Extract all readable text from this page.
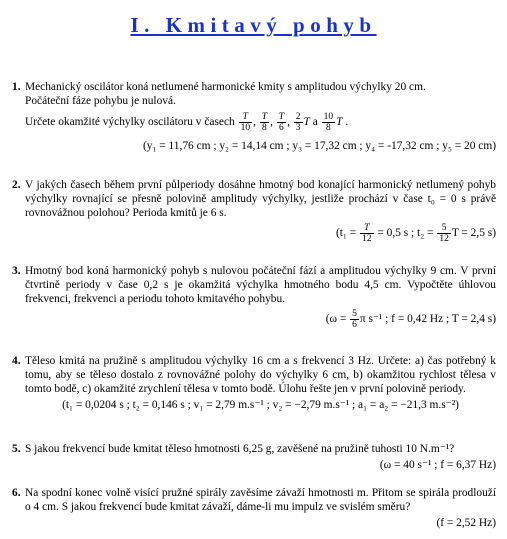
I. Kmitavý pohyb
1. Mechanický oscilátor koná netlumené harmonické kmity s amplitudou výchylky 20 cm.
Počáteční fáze pohybu je nulová.
Určete okamžité výchylky oscilátoru v časech $\frac{T}{10}$ , $\frac{T}{8}$ , $\frac{T}{6}$ , $\frac{2}{3}$ T a $\frac{10}{8}$ T .
(y₁ = 11,76 cm ; y₂ = 14,14 cm ; y₃ = 17,32 cm ; y₄ = -17,32 cm ; y₅ = 20 cm)
2. V jakých časech během první půlperiody dosáhne hmotný bod konající harmonický netlumený pohyb výchylky rovnající se přesně polovině amplitudy výchylky, jestliže prochází v čase t₀ = 0 s právě rovnovážnou polohou? Perioda kmitů je 6 s.
($t_1 = \frac{T}{12} = 0,5$ s ; $t_2 = \frac{5}{12}$ T = 2,5 s)
3. Hmotný bod koná harmonický pohyb s nulovou počáteční fází a amplitudou výchylky 9 cm. V první čtvrtině periody v čase 0,2 s je okamžitá výchylka hmotného bodu 4,5 cm. Vypočtěte úhlovou frekvenci, frekvenci a periodu tohoto kmitavého pohybu.
($\omega = \frac{5}{6}$ π s⁻¹ ; f = 0,42 Hz ; T = 2,4 s)
4. Těleso kmitá na pružině s amplitudou výchylky 16 cm a s frekvencí 3 Hz. Určete: a) čas potřebný k tomu, aby se těleso dostalo z rovnovážné polohy do výchylky 6 cm, b) okamžitou rychlost tělesa v tomto bodě, c) okamžité zrychlení tělesa v tomto bodě. Úlohu řešte jen v první polovině periody.
(t₁ = 0,0204 s ; t₂ = 0,146 s ; v₁ = 2,79 m.s⁻¹ ; v₂ = −2,79 m.s⁻¹ ; a₁ = a₂ = −21,3 m.s⁻²)
5. S jakou frekvencí bude kmitat těleso hmotnosti 6,25 g, zavěšené na pružině tuhosti 10 N.m⁻¹?
(ω = 40 s⁻¹ ; f = 6,37 Hz)
6. Na spodní konec volně visící pružné spirály zavěsíme závaží hmotnosti m. Přitom se spirála prodlouží o 4 cm. S jakou frekvencí bude kmitat závaží, dáme-li mu impulz ve svislém směru?
(f = 2,52 Hz)
